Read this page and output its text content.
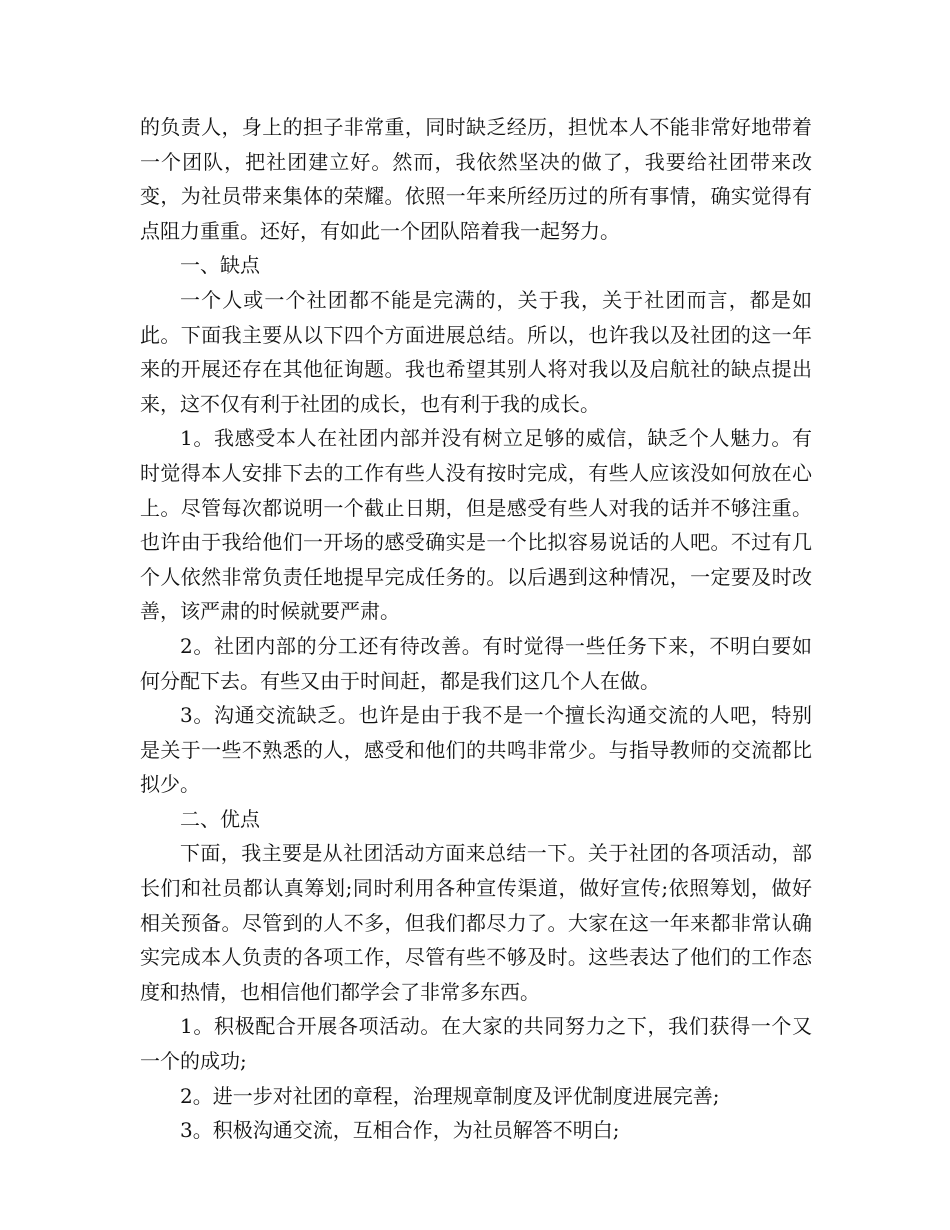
的负责人，身上的担子非常重，同时缺乏经历，担忧本人不能非常好地带着一个团队，把社团建立好。然而，我依然坚决的做了，我要给社团带来改变，为社员带来集体的荣耀。依照一年来所经历过的所有事情，确实觉得有点阻力重重。还好，有如此一个团队陪着我一起努力。

一、缺点

一个人或一个社团都不能是完满的，关于我，关于社团而言，都是如此。下面我主要从以下四个方面进展总结。所以，也许我以及社团的这一年来的开展还存在其他征询题。我也希望其别人将对我以及启航社的缺点提出来，这不仅有利于社团的成长，也有利于我的成长。

1。我感受本人在社团内部并没有树立足够的威信，缺乏个人魅力。有时觉得本人安排下去的工作有些人没有按时完成，有些人应该没如何放在心上。尽管每次都说明一个截止日期，但是感受有些人对我的话并不够注重。也许由于我给他们一开场的感受确实是一个比拟容易说话的人吧。不过有几个人依然非常负责任地提早完成任务的。以后遇到这种情况，一定要及时改善，该严肃的时候就要严肃。

2。社团内部的分工还有待改善。有时觉得一些任务下来，不明白要如何分配下去。有些又由于时间赶，都是我们这几个人在做。

3。沟通交流缺乏。也许是由于我不是一个擅长沟通交流的人吧，特别是关于一些不熟悉的人，感受和他们的共鸣非常少。与指导教师的交流都比拟少。

二、优点

下面，我主要是从社团活动方面来总结一下。关于社团的各项活动，部长们和社员都认真筹划;同时利用各种宣传渠道，做好宣传;依照筹划，做好相关预备。尽管到的人不多，但我们都尽力了。大家在这一年来都非常认确实完成本人负责的各项工作，尽管有些不够及时。这些表达了他们的工作态度和热情，也相信他们都学会了非常多东西。

1。积极配合开展各项活动。在大家的共同努力之下，我们获得一个又一个的成功;

2。进一步对社团的章程，治理规章制度及评优制度进展完善;

3。积极沟通交流，互相合作，为社员解答不明白;
